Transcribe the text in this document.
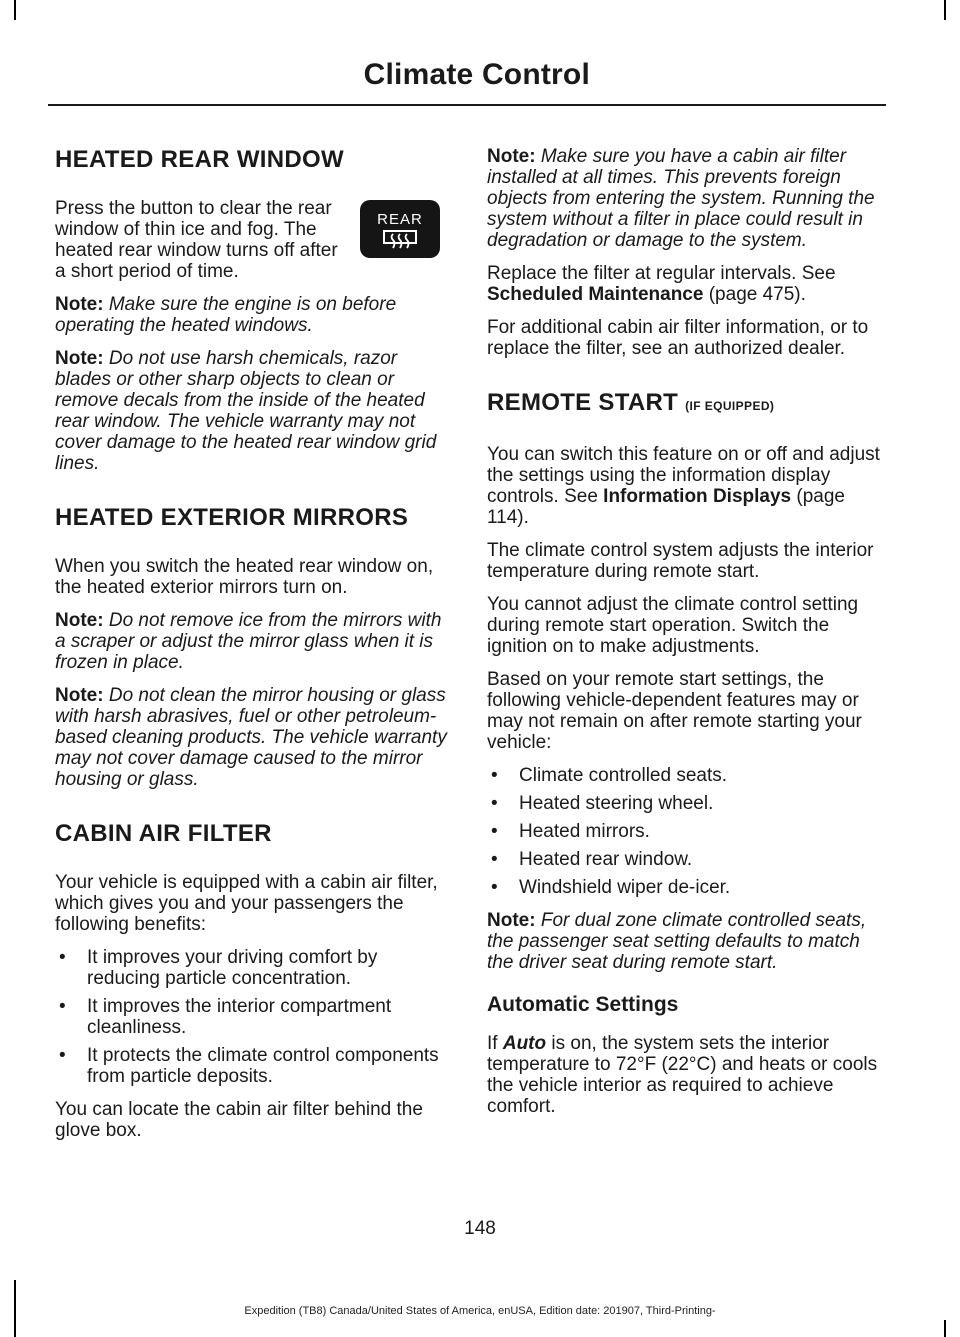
Climate Control
HEATED REAR WINDOW
REAR

Press the button to clear the rear window of thin ice and fog. The heated rear window turns off after a short period of time.

Note: Make sure the engine is on before operating the heated windows.

Note: Do not use harsh chemicals, razor blades or other sharp objects to clean or remove decals from the inside of the heated rear window. The vehicle warranty may not cover damage to the heated rear window grid lines.

HEATED EXTERIOR MIRRORS

When you switch the heated rear window on, the heated exterior mirrors turn on.

Note: Do not remove ice from the mirrors with a scraper or adjust the mirror glass when it is frozen in place.

Note: Do not clean the mirror housing or glass with harsh abrasives, fuel or other petroleum-based cleaning products. The vehicle warranty may not cover damage caused to the mirror housing or glass.

CABIN AIR FILTER

Your vehicle is equipped with a cabin air filter, which gives you and your passengers the following benefits:

• It improves your driving comfort by reducing particle concentration.
• It improves the interior compartment cleanliness.
• It protects the climate control components from particle deposits.

You can locate the cabin air filter behind the glove box.

Note: Make sure you have a cabin air filter installed at all times. This prevents foreign objects from entering the system. Running the system without a filter in place could result in degradation or damage to the system.

Replace the filter at regular intervals. See Scheduled Maintenance (page 475).

For additional cabin air filter information, or to replace the filter, see an authorized dealer.

REMOTE START (IF EQUIPPED)

You can switch this feature on or off and adjust the settings using the information display controls. See Information Displays (page 114).

The climate control system adjusts the interior temperature during remote start.

You cannot adjust the climate control setting during remote start operation. Switch the ignition on to make adjustments.

Based on your remote start settings, the following vehicle-dependent features may or may not remain on after remote starting your vehicle:

• Climate controlled seats.
• Heated steering wheel.
• Heated mirrors.
• Heated rear window.
• Windshield wiper de-icer.

Note: For dual zone climate controlled seats, the passenger seat setting defaults to match the driver seat during remote start.

Automatic Settings

If Auto is on, the system sets the interior temperature to 72°F (22°C) and heats or cools the vehicle interior as required to achieve comfort.

148
Expedition (TB8) Canada/United States of America, enUSA, Edition date: 201907, Third-Printing-
